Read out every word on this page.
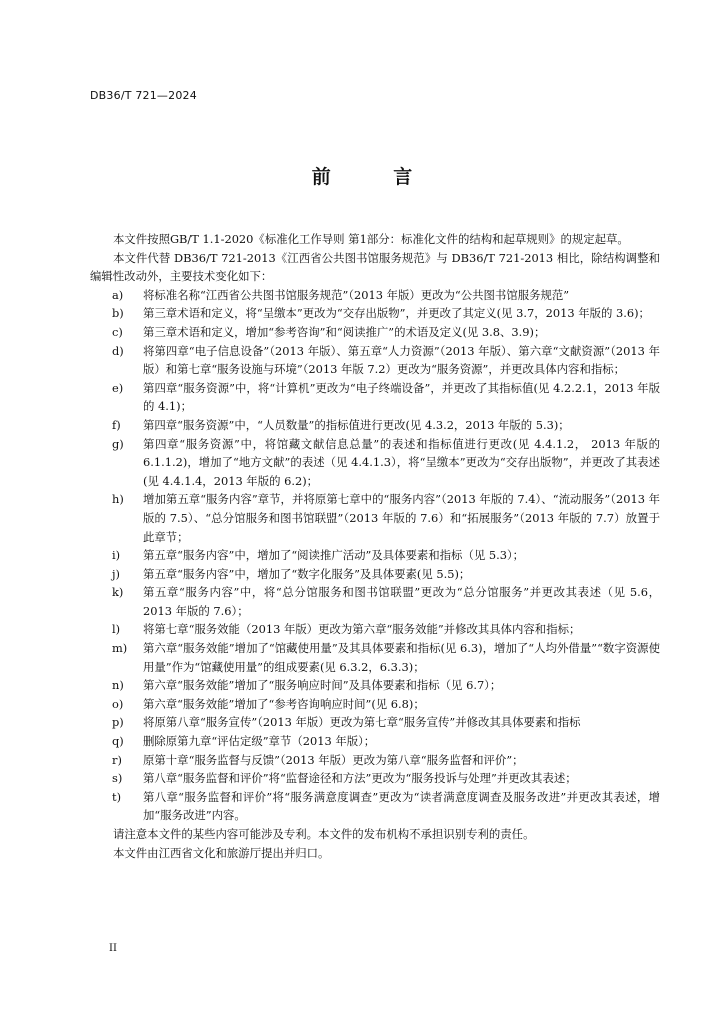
DB36/T 721—2024
前 言

本文件按照GB/T 1.1-2020《标准化工作导则 第1部分：标准化文件的结构和起草规则》的规定起草。

本文件代替 DB36/T 721-2013《江西省公共图书馆服务规范》与 DB36/T 721-2013 相比，除结构调整和编辑性改动外，主要技术变化如下：

a)	将标准名称“江西省公共图书馆服务规范”（2013 年版）更改为“公共图书馆服务规范”
b)	第三章术语和定义，将“呈缴本”更改为“交存出版物”，并更改了其定义(见 3.7，2013 年版的 3.6)；
c)	第三章术语和定义，增加“参考咨询”和“阅读推广”的术语及定义(见 3.8、3.9)；
d)	将第四章“电子信息设备”（2013 年版）、第五章“人力资源”（2013 年版）、第六章“文献资源”（2013 年版）和第七章“服务设施与环境”（2013 年版 7.2）更改为“服务资源”，并更改具体内容和指标；
e)	第四章“服务资源”中，将“计算机”更改为“电子终端设备”，并更改了其指标值(见 4.2.2.1，2013 年版的 4.1)；
f)	第四章“服务资源”中，“人员数量”的指标值进行更改(见 4.3.2，2013 年版的 5.3)；
g)	第四章“服务资源”中，将馆藏文献信息总量”的表述和指标值进行更改(见 4.4.1.2， 2013 年版的 6.1.1.2)，增加了“地方文献”的表述（见 4.4.1.3），将“呈缴本”更改为“交存出版物”，并更改了其表述(见 4.4.1.4，2013 年版的 6.2)；
h)	增加第五章“服务内容”章节，并将原第七章中的“服务内容”（2013 年版的 7.4）、“流动服务”（2013 年版的 7.5）、“总分馆服务和图书馆联盟”（2013 年版的 7.6）和“拓展服务”（2013 年版的 7.7）放置于此章节；
i)	第五章“服务内容”中，增加了“阅读推广活动”及具体要素和指标（见 5.3）；
j)	第五章“服务内容”中，增加了“数字化服务”及具体要素(见 5.5)；
k)	第五章“服务内容”中，将“总分馆服务和图书馆联盟”更改为“总分馆服务”并更改其表述（见 5.6，2013 年版的 7.6）；
l)	将第七章“服务效能（2013 年版）更改为第六章“服务效能”并修改其具体内容和指标；
m)	第六章“服务效能”增加了“馆藏使用量”及其具体要素和指标(见 6.3)，增加了“人均外借量”“数字资源使用量”作为“馆藏使用量”的组成要素(见 6.3.2，6.3.3)；
n)	第六章“服务效能”增加了“服务响应时间”及具体要素和指标（见 6.7）；
o)	第六章“服务效能”增加了“参考咨询响应时间”(见 6.8)；
p)	将原第八章“服务宣传”（2013 年版）更改为第七章“服务宣传”并修改其具体要素和指标
q)	删除原第九章“评估定级”章节（2013 年版）；
r)	原第十章“服务监督与反馈”（2013 年版）更改为第八章“服务监督和评价”；
s)	第八章“服务监督和评价”将“监督途径和方法”更改为“服务投诉与处理”并更改其表述；
t)	第八章“服务监督和评价”将“服务满意度调查”更改为“读者满意度调查及服务改进”并更改其表述，增加“服务改进”内容。

请注意本文件的某些内容可能涉及专利。本文件的发布机构不承担识别专利的责任。

本文件由江西省文化和旅游厅提出并归口。

II
